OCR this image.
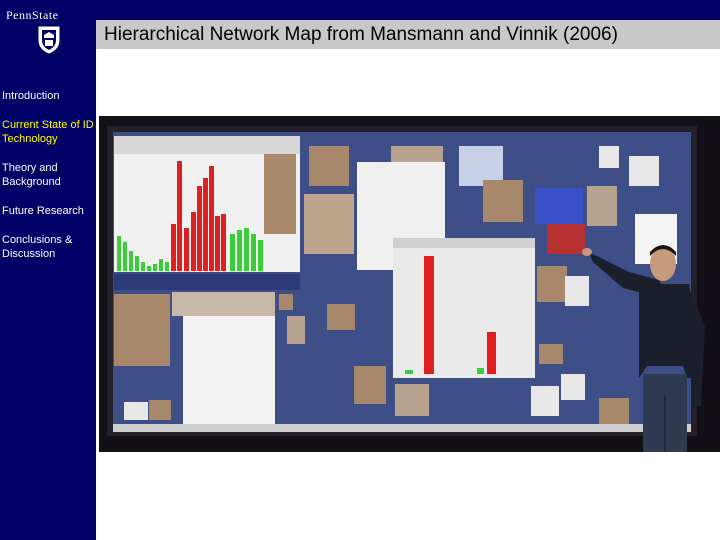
PennState
Introduction
Current State of ID Technology
Theory and Background
Future Research
Conclusions & Discussion
Hierarchical Network Map from Mansmann and Vinnik (2006)
